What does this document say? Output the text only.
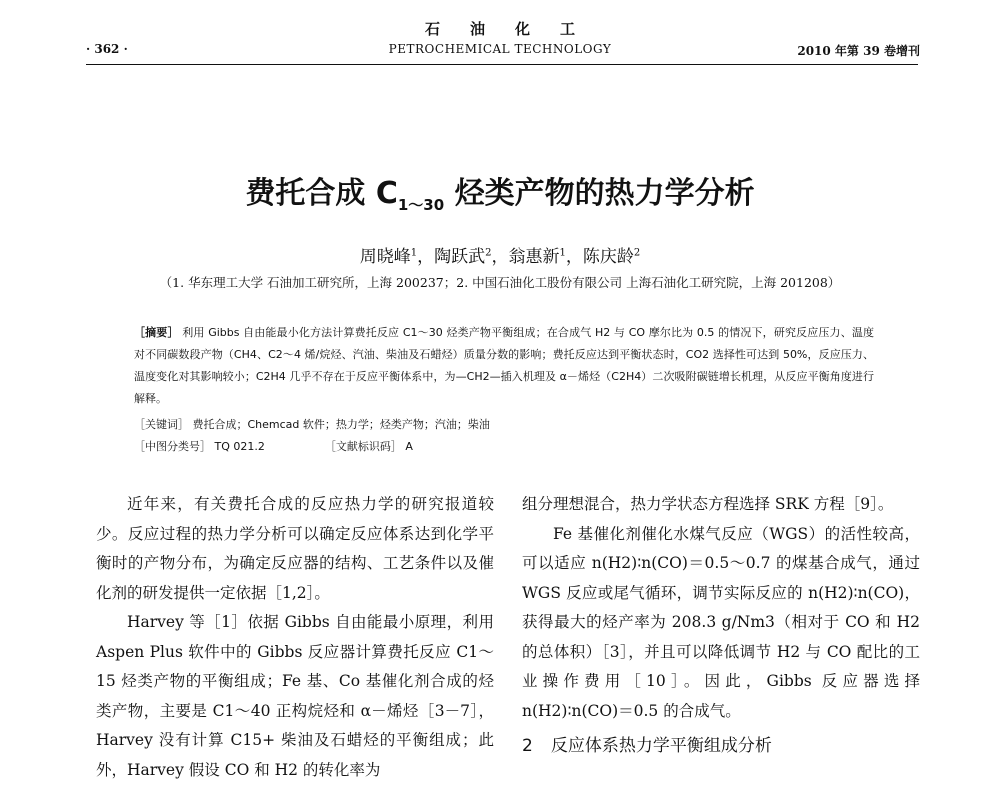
石油化工
· 362 ·	PETROCHEMICAL TECHNOLOGY	2010 年第 39 卷增刊
费托合成 $C_{1\sim 30}$ 烃类产物的热力学分析
周晓峰$^1$，陶跃武$^2$，翁惠新$^1$，陈庆龄$^2$
（1. 华东理工大学 石油加工研究所，上海 200237；2. 中国石油化工股份有限公司 上海石油化工研究院，上海 201208）
［摘要］ 利用 Gibbs 自由能最小化方法计算费托反应 C1～30 烃类产物平衡组成；在合成气 H2 与 CO 摩尔比为 0.5 的情况下，研究反应压力、温度对不同碳数段产物（CH4、C2～4 烯/烷烃、汽油、柴油及石蜡烃）质量分数的影响；费托反应达到平衡状态时，CO2 选择性可达到 50%，反应压力、温度变化对其影响较小；C2H4 几乎不存在于反应平衡体系中，为—CH2—插入机理及 α－烯烃（C2H4）二次吸附碳链增长机理，从反应平衡角度进行解释。
［关键词］ 费托合成；Chemcad 软件；热力学；烃类产物；汽油；柴油
［中图分类号］ TQ 021.2	［文献标识码］ A

近年来，有关费托合成的反应热力学的研究报道较少。反应过程的热力学分析可以确定反应体系达到化学平衡时的产物分布，为确定反应器的结构、工艺条件以及催化剂的研发提供一定依据［1,2］。

Harvey 等［1］依据 Gibbs 自由能最小原理，利用 Aspen Plus 软件中的 Gibbs 反应器计算费托反应 C1～15 烃类产物的平衡组成；Fe 基、Co 基催化剂合成的烃类产物，主要是 C1～40 正构烷烃和 α－烯烃［3－7］，Harvey 没有计算 C15+ 柴油及石蜡烃的平衡组成；此外，Harvey 假设 CO 和 H2 的转化率为

组分理想混合，热力学状态方程选择 SRK 方程［9］。

Fe 基催化剂催化水煤气反应（WGS）的活性较高，可以适应 n(H2)∶n(CO)＝0.5～0.7 的煤基合成气，通过 WGS 反应或尾气循环，调节实际反应的 n(H2)∶n(CO)，获得最大的烃产率为 208.3 g/Nm3（相对于 CO 和 H2 的总体积）［3］，并且可以降低调节 H2 与 CO 配比的工业操作费用［10］。因此，Gibbs 反应器选择 n(H2)∶n(CO)＝0.5 的合成气。

2 反应体系热力学平衡组成分析
